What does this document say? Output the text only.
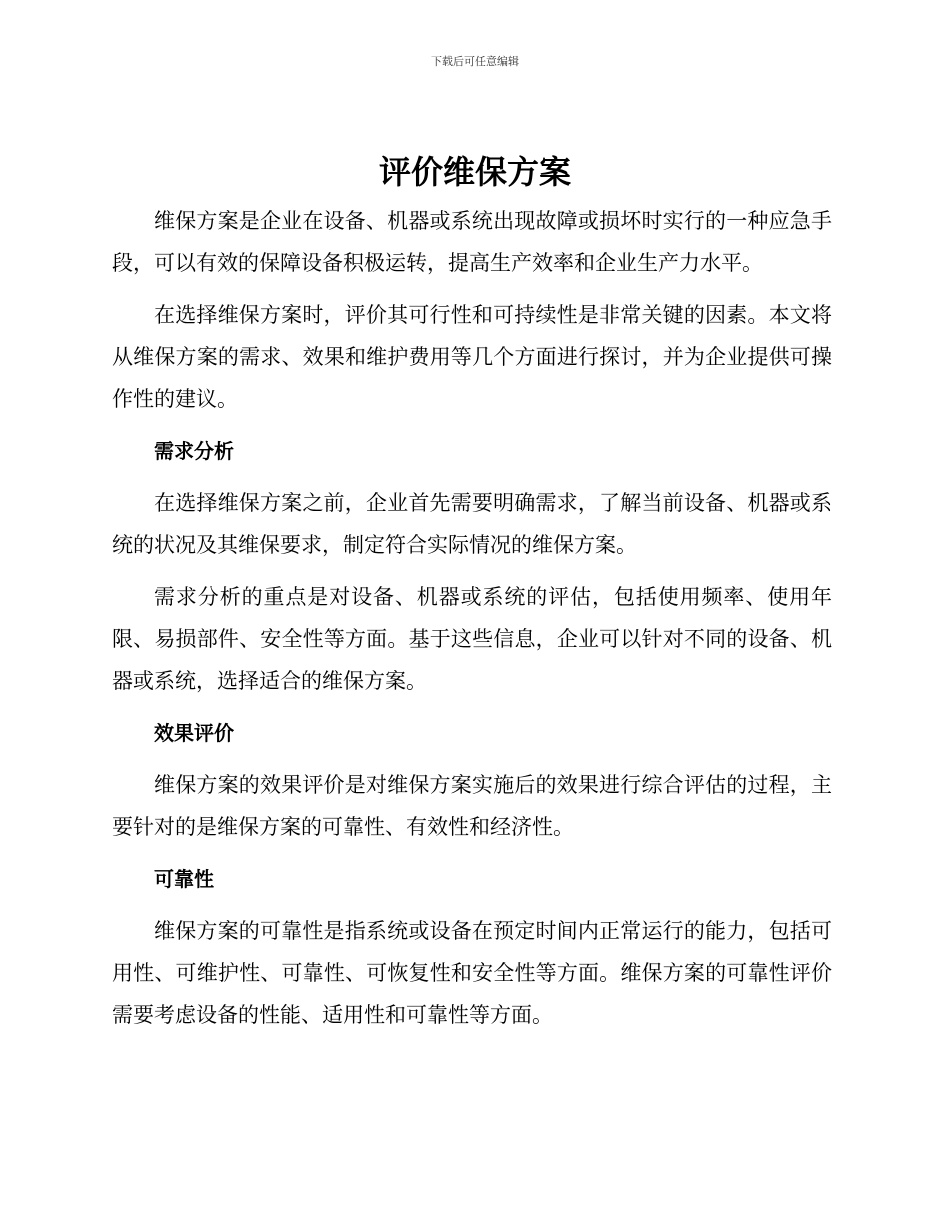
下载后可任意编辑
评价维保方案

维保方案是企业在设备、机器或系统出现故障或损坏时实行的一种应急手段，可以有效的保障设备积极运转，提高生产效率和企业生产力水平。

在选择维保方案时，评价其可行性和可持续性是非常关键的因素。本文将从维保方案的需求、效果和维护费用等几个方面进行探讨，并为企业提供可操作性的建议。

需求分析

在选择维保方案之前，企业首先需要明确需求，了解当前设备、机器或系统的状况及其维保要求，制定符合实际情况的维保方案。

需求分析的重点是对设备、机器或系统的评估，包括使用频率、使用年限、易损部件、安全性等方面。基于这些信息，企业可以针对不同的设备、机器或系统，选择适合的维保方案。

效果评价

维保方案的效果评价是对维保方案实施后的效果进行综合评估的过程，主要针对的是维保方案的可靠性、有效性和经济性。

可靠性

维保方案的可靠性是指系统或设备在预定时间内正常运行的能力，包括可用性、可维护性、可靠性、可恢复性和安全性等方面。维保方案的可靠性评价需要考虑设备的性能、适用性和可靠性等方面。
